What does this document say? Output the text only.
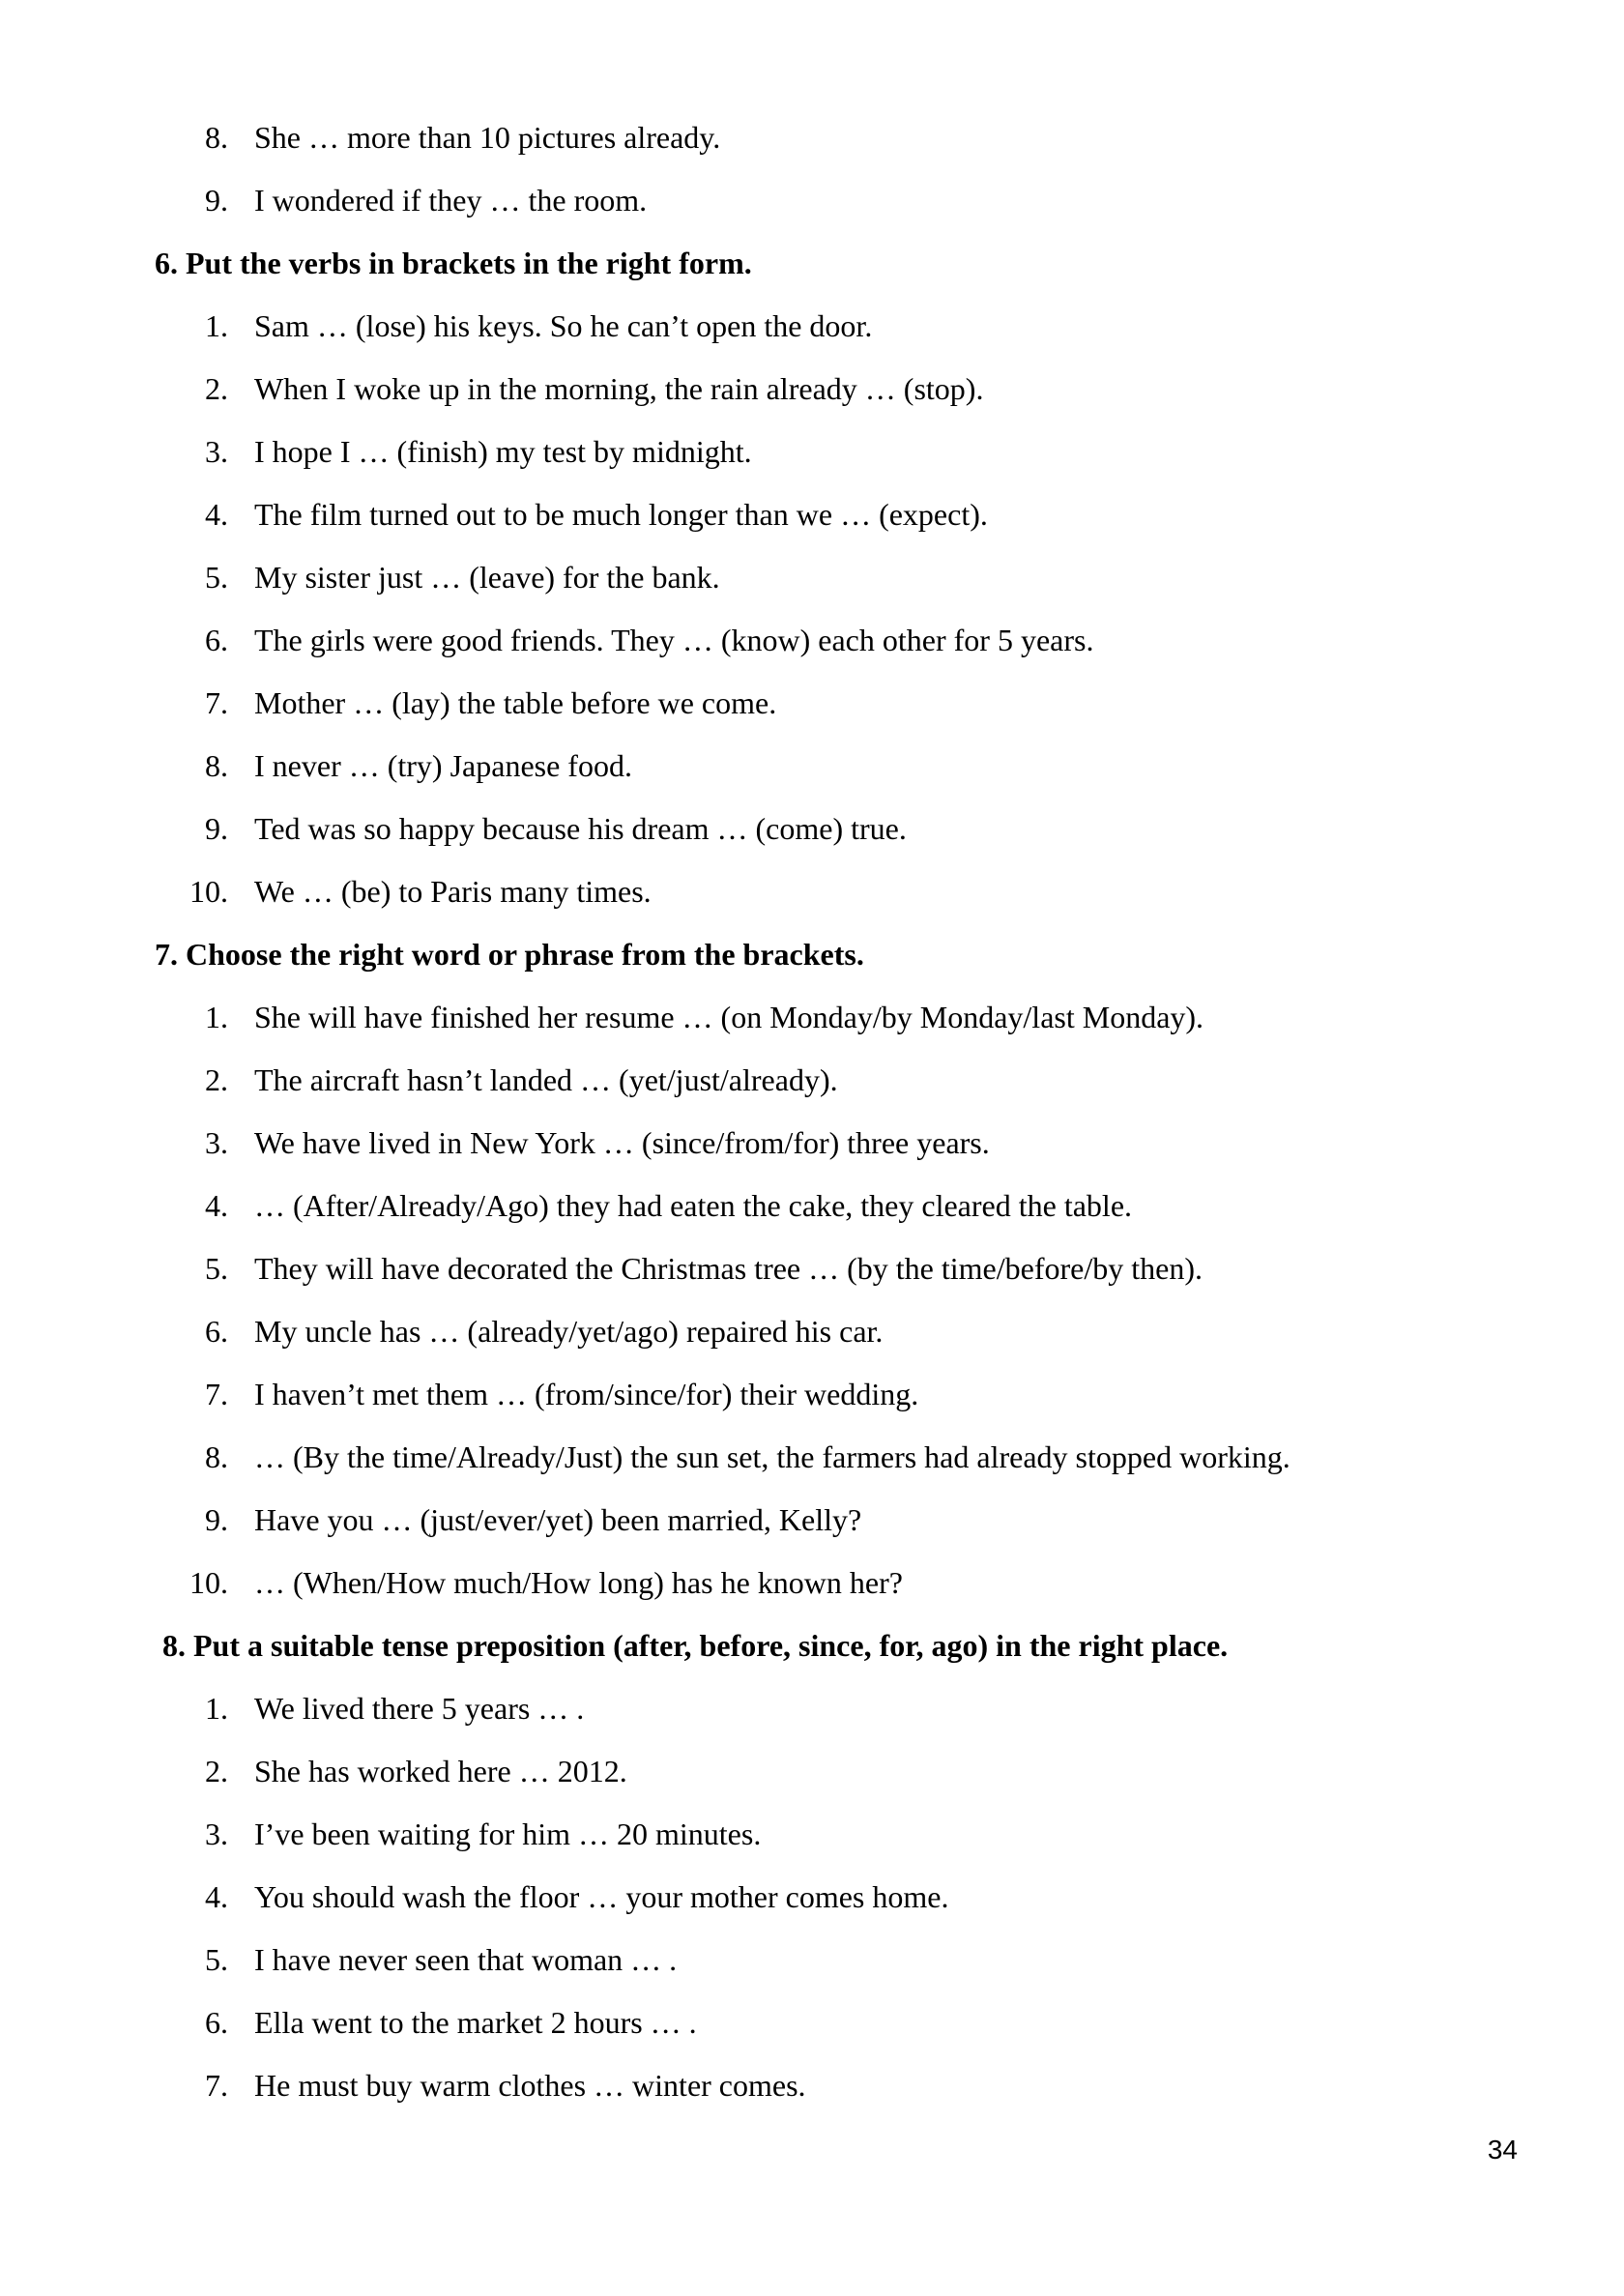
8. She … more than 10 pictures already.
9. I wondered if they … the room.
6. Put the verbs in brackets in the right form.
1. Sam … (lose) his keys. So he can’t open the door.
2. When I woke up in the morning, the rain already … (stop).
3. I hope I … (finish) my test by midnight.
4. The film turned out to be much longer than we … (expect).
5. My sister just … (leave) for the bank.
6. The girls were good friends. They … (know) each other for 5 years.
7. Mother … (lay) the table before we come.
8. I never … (try) Japanese food.
9. Ted was so happy because his dream … (come) true.
10. We … (be) to Paris many times.
7. Choose the right word or phrase from the brackets.
1. She will have finished her resume … (on Monday/by Monday/last Monday).
2. The aircraft hasn’t landed … (yet/just/already).
3. We have lived in New York … (since/from/for) three years.
4. … (After/Already/Ago) they had eaten the cake, they cleared the table.
5. They will have decorated the Christmas tree … (by the time/before/by then).
6. My uncle has … (already/yet/ago) repaired his car.
7. I haven’t met them … (from/since/for) their wedding.
8. … (By the time/Already/Just) the sun set, the farmers had already stopped working.
9. Have you … (just/ever/yet) been married, Kelly?
10. … (When/How much/How long) has he known her?
8. Put a suitable tense preposition (after, before, since, for, ago) in the right place.
1. We lived there 5 years … .
2. She has worked here … 2012.
3. I’ve been waiting for him … 20 minutes.
4. You should wash the floor … your mother comes home.
5. I have never seen that woman … .
6. Ella went to the market 2 hours … .
7. He must buy warm clothes … winter comes.
34
